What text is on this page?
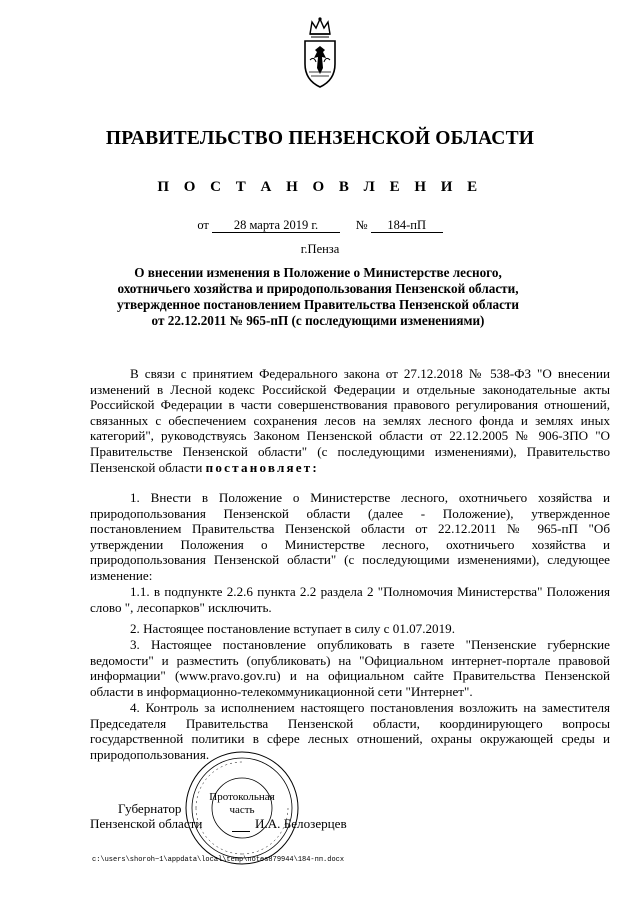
ПРАВИТЕЛЬСТВО ПЕНЗЕНСКОЙ ОБЛАСТИ
П О С Т А Н О В Л Е Н И Е
от 28 марта 2019 г.	№ 184-пП
г.Пенза
О внесении изменения в Положение о Министерстве лесного,
охотничьего хозяйства и природопользования Пензенской области,
утвержденное постановлением Правительства Пензенской области
от 22.12.2011 № 965-пП (с последующими изменениями)
В связи с принятием Федерального закона от 27.12.2018 № 538-ФЗ "О внесении изменений в Лесной кодекс Российской Федерации и отдельные законодательные акты Российской Федерации в части совершенствования правового регулирования отношений, связанных с обеспечением сохранения лесов на землях лесного фонда и землях иных категорий", руководствуясь Законом Пензенской области от 22.12.2005 № 906-ЗПО "О Правительстве Пензенской области" (с последующими изменениями), Правительство Пензенской области постановляет:
1. Внести в Положение о Министерстве лесного, охотничьего хозяйства и природопользования Пензенской области (далее - Положение), утвержденное постановлением Правительства Пензенской области от 22.12.2011 № 965-пП "Об утверждении Положения о Министерстве лесного, охотничьего хозяйства и природопользования Пензенской области" (с последующими изменениями), следующее изменение:
1.1. в подпункте 2.2.6 пункта 2.2 раздела 2 "Полномочия Министерства" Положения слово ", лесопарков" исключить.
2. Настоящее постановление вступает в силу с 01.07.2019.
3. Настоящее постановление опубликовать в газете "Пензенские губернские ведомости" и разместить (опубликовать) на "Официальном интернет-портале правовой информации" (www.pravo.gov.ru) и на официальном сайте Правительства Пензенской области в информационно-телекоммуникационной сети "Интернет".
4. Контроль за исполнением настоящего постановления возложить на заместителя Председателя Правительства Пензенской области, координирующего вопросы государственной политики в сфере лесных отношений, охраны окружающей среды и природопользования.
Протокольная
часть
Губернатор
Пензенской области	И.А. Белозерцев
c:\users\shoroh~1\appdata\local\temp\notes879944\184-пп.docx
